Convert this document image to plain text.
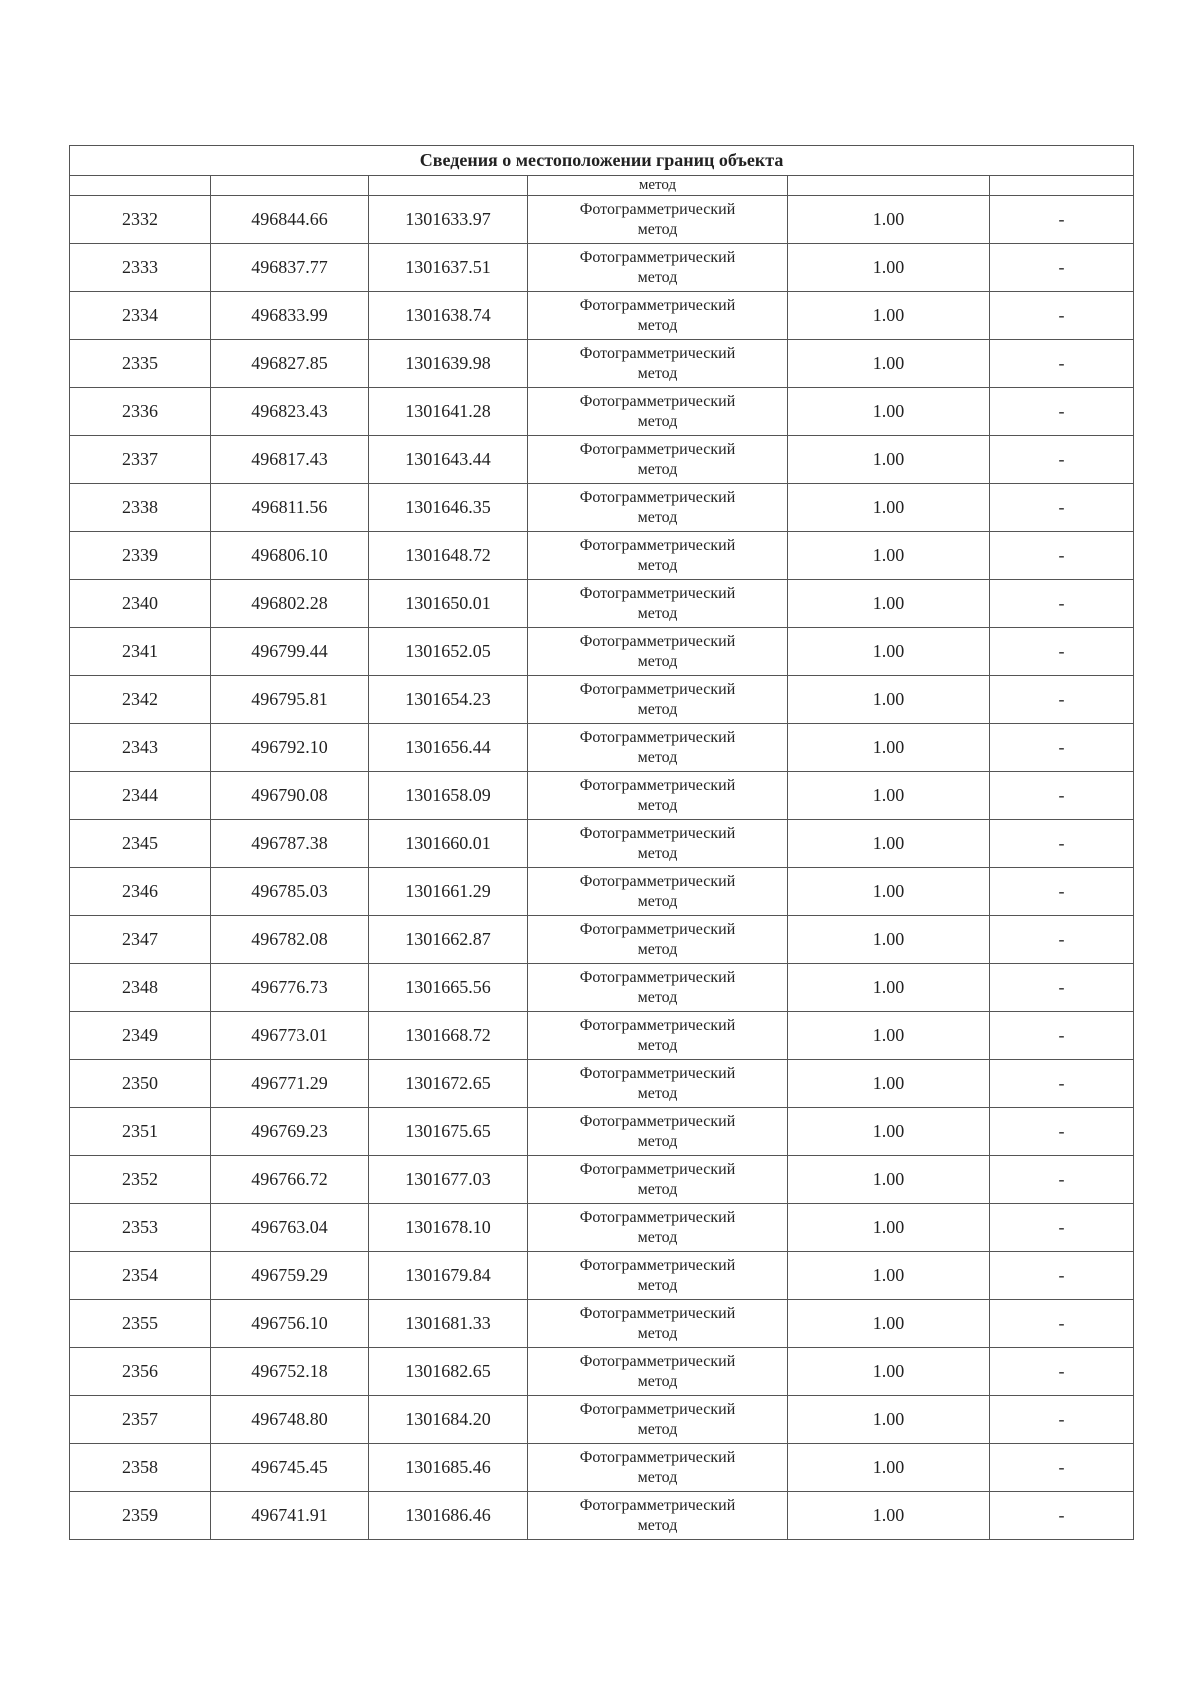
Сведения о местоположении границ объекта					
			метод		
2332	496844.66	1301633.97	Фотограмметрический
метод	1.00	-
2333	496837.77	1301637.51	Фотограмметрический
метод	1.00	-
2334	496833.99	1301638.74	Фотограмметрический
метод	1.00	-
2335	496827.85	1301639.98	Фотограмметрический
метод	1.00	-
2336	496823.43	1301641.28	Фотограмметрический
метод	1.00	-
2337	496817.43	1301643.44	Фотограмметрический
метод	1.00	-
2338	496811.56	1301646.35	Фотограмметрический
метод	1.00	-
2339	496806.10	1301648.72	Фотограмметрический
метод	1.00	-
2340	496802.28	1301650.01	Фотограмметрический
метод	1.00	-
2341	496799.44	1301652.05	Фотограмметрический
метод	1.00	-
2342	496795.81	1301654.23	Фотограмметрический
метод	1.00	-
2343	496792.10	1301656.44	Фотограмметрический
метод	1.00	-
2344	496790.08	1301658.09	Фотограмметрический
метод	1.00	-
2345	496787.38	1301660.01	Фотограмметрический
метод	1.00	-
2346	496785.03	1301661.29	Фотограмметрический
метод	1.00	-
2347	496782.08	1301662.87	Фотограмметрический
метод	1.00	-
2348	496776.73	1301665.56	Фотограмметрический
метод	1.00	-
2349	496773.01	1301668.72	Фотограмметрический
метод	1.00	-
2350	496771.29	1301672.65	Фотограмметрический
метод	1.00	-
2351	496769.23	1301675.65	Фотограмметрический
метод	1.00	-
2352	496766.72	1301677.03	Фотограмметрический
метод	1.00	-
2353	496763.04	1301678.10	Фотограмметрический
метод	1.00	-
2354	496759.29	1301679.84	Фотограмметрический
метод	1.00	-
2355	496756.10	1301681.33	Фотограмметрический
метод	1.00	-
2356	496752.18	1301682.65	Фотограмметрический
метод	1.00	-
2357	496748.80	1301684.20	Фотограмметрический
метод	1.00	-
2358	496745.45	1301685.46	Фотограмметрический
метод	1.00	-
2359	496741.91	1301686.46	Фотограмметрический
метод	1.00	-
